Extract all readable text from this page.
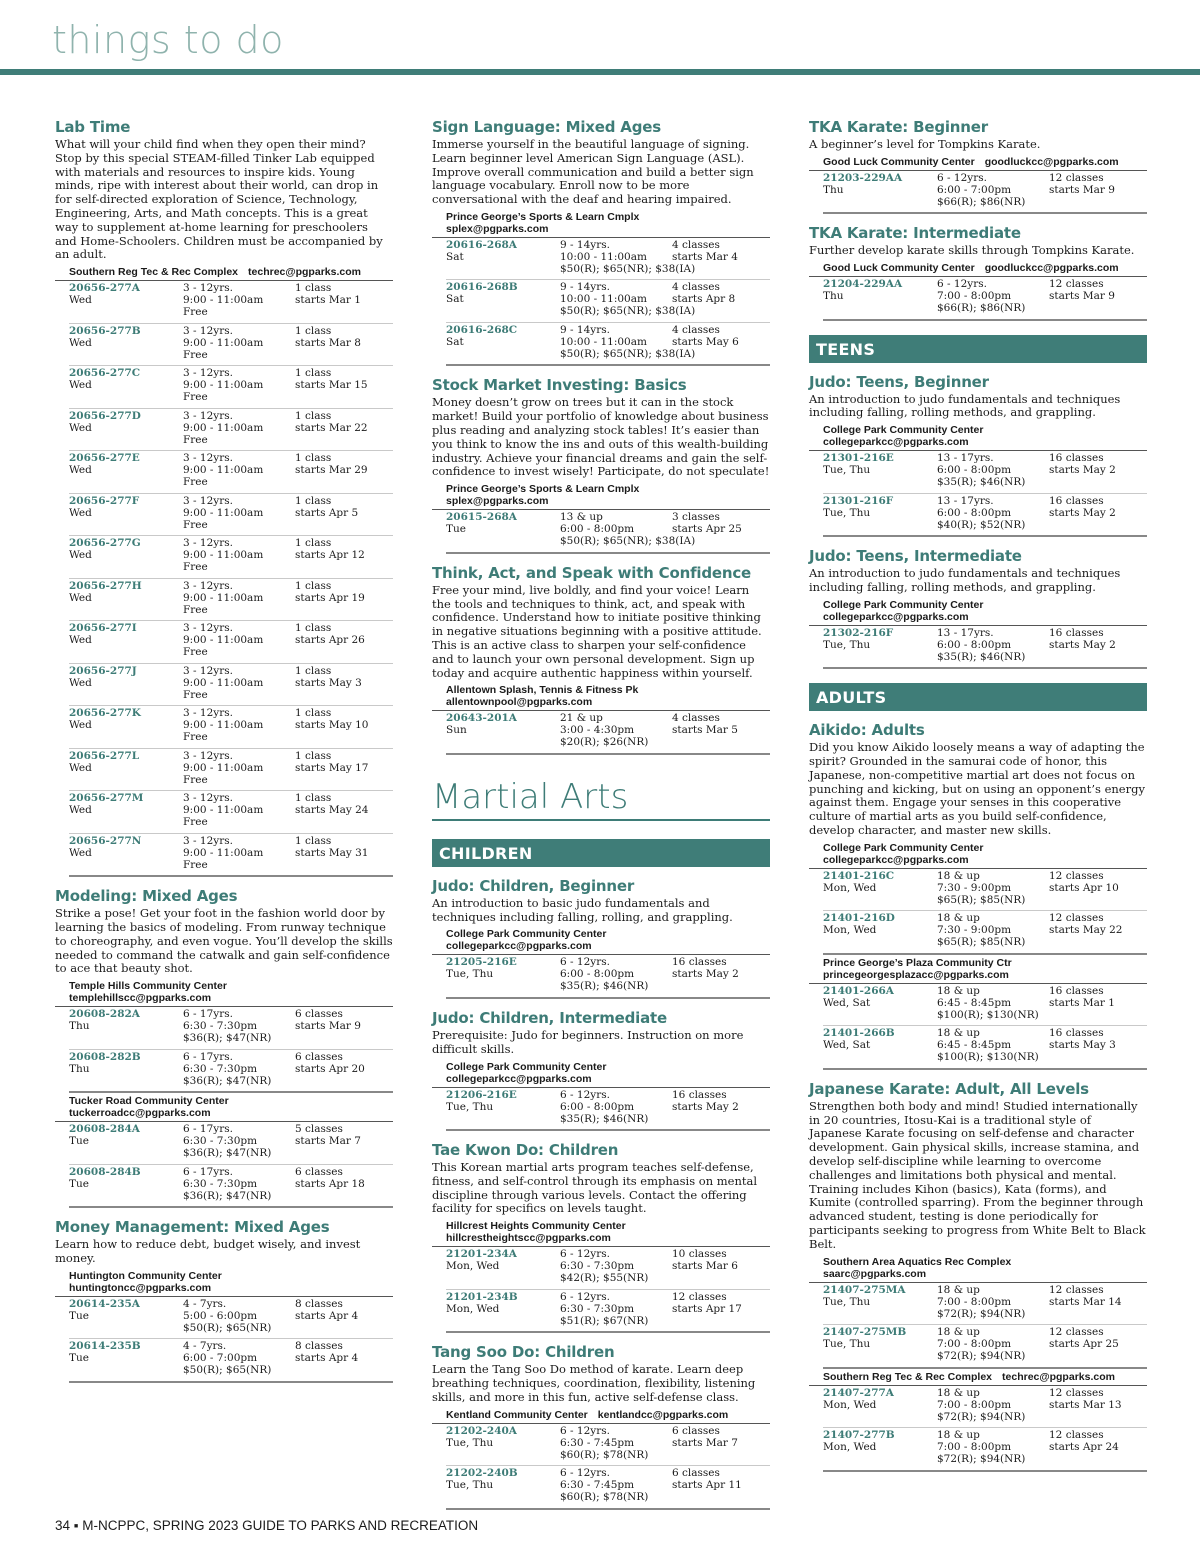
things to do
Lab Time
What will your child find when they open their mind? Stop by this special STEAM-filled Tinker Lab equipped with materials and resources to inspire kids. Young minds, ripe with interest about their world, can drop in for self-directed exploration of Science, Technology, Engineering, Arts, and Math concepts. This is a great way to supplement at-home learning for preschoolers and Home-Schoolers. Children must be accompanied by an adult.
Southern Reg Tec & Rec Complex techrec@pgparks.com
20656-277A
Wed
3 - 12yrs.
9:00 - 11:00am
Free
1 class
starts Mar 1
20656-277B
Wed
3 - 12yrs.
9:00 - 11:00am
Free
1 class
starts Mar 8
20656-277C
Wed
3 - 12yrs.
9:00 - 11:00am
Free
1 class
starts Mar 15
20656-277D
Wed
3 - 12yrs.
9:00 - 11:00am
Free
1 class
starts Mar 22
20656-277E
Wed
3 - 12yrs.
9:00 - 11:00am
Free
1 class
starts Mar 29
20656-277F
Wed
3 - 12yrs.
9:00 - 11:00am
Free
1 class
starts Apr 5
20656-277G
Wed
3 - 12yrs.
9:00 - 11:00am
Free
1 class
starts Apr 12
20656-277H
Wed
3 - 12yrs.
9:00 - 11:00am
Free
1 class
starts Apr 19
20656-277I
Wed
3 - 12yrs.
9:00 - 11:00am
Free
1 class
starts Apr 26
20656-277J
Wed
3 - 12yrs.
9:00 - 11:00am
Free
1 class
starts May 3
20656-277K
Wed
3 - 12yrs.
9:00 - 11:00am
Free
1 class
starts May 10
20656-277L
Wed
3 - 12yrs.
9:00 - 11:00am
Free
1 class
starts May 17
20656-277M
Wed
3 - 12yrs.
9:00 - 11:00am
Free
1 class
starts May 24
20656-277N
Wed
3 - 12yrs.
9:00 - 11:00am
Free
1 class
starts May 31
Modeling: Mixed Ages
Strike a pose! Get your foot in the fashion world door by learning the basics of modeling. From runway technique to choreography, and even vogue. You’ll develop the skills needed to command the catwalk and gain self-confidence to ace that beauty shot.
Temple Hills Community Center
templehillscc@pgparks.com
20608-282A
Thu
6 - 17yrs.
6:30 - 7:30pm
$36(R); $47(NR)
6 classes
starts Mar 9
20608-282B
Thu
6 - 17yrs.
6:30 - 7:30pm
$36(R); $47(NR)
6 classes
starts Apr 20
Tucker Road Community Center
tuckerroadcc@pgparks.com
20608-284A
Tue
6 - 17yrs.
6:30 - 7:30pm
$36(R); $47(NR)
5 classes
starts Mar 7
20608-284B
Tue
6 - 17yrs.
6:30 - 7:30pm
$36(R); $47(NR)
6 classes
starts Apr 18
Money Management: Mixed Ages
Learn how to reduce debt, budget wisely, and invest money.
Huntington Community Center
huntingtoncc@pgparks.com
20614-235A
Tue
4 - 7yrs.
5:00 - 6:00pm
$50(R); $65(NR)
8 classes
starts Apr 4
20614-235B
Tue
4 - 7yrs.
6:00 - 7:00pm
$50(R); $65(NR)
8 classes
starts Apr 4
Sign Language: Mixed Ages
Immerse yourself in the beautiful language of signing. Learn beginner level American Sign Language (ASL). Improve overall communication and build a better sign language vocabulary. Enroll now to be more conversational with the deaf and hearing impaired.
Prince George’s Sports & Learn Cmplx
splex@pgparks.com
20616-268A
Sat
9 - 14yrs.
10:00 - 11:00am
$50(R); $65(NR); $38(IA)
4 classes
starts Mar 4
20616-268B
Sat
9 - 14yrs.
10:00 - 11:00am
$50(R); $65(NR); $38(IA)
4 classes
starts Apr 8
20616-268C
Sat
9 - 14yrs.
10:00 - 11:00am
$50(R); $65(NR); $38(IA)
4 classes
starts May 6
Stock Market Investing: Basics
Money doesn’t grow on trees but it can in the stock market! Build your portfolio of knowledge about business plus reading and analyzing stock tables! It’s easier than you think to know the ins and outs of this wealth-building industry. Achieve your financial dreams and gain the self-confidence to invest wisely! Participate, do not speculate!
Prince George’s Sports & Learn Cmplx
splex@pgparks.com
20615-268A
Tue
13 & up
6:00 - 8:00pm
$50(R); $65(NR); $38(IA)
3 classes
starts Apr 25
Think, Act, and Speak with Confidence
Free your mind, live boldly, and find your voice! Learn the tools and techniques to think, act, and speak with confidence. Understand how to initiate positive thinking in negative situations beginning with a positive attitude. This is an active class to sharpen your self-confidence and to launch your own personal development. Sign up today and acquire authentic happiness within yourself.
Allentown Splash, Tennis & Fitness Pk
allentownpool@pgparks.com
20643-201A
Sun
21 & up
3:00 - 4:30pm
$20(R); $26(NR)
4 classes
starts Mar 5
Martial Arts
CHILDREN
Judo: Children, Beginner
An introduction to basic judo fundamentals and techniques including falling, rolling, and grappling.
College Park Community Center
collegeparkcc@pgparks.com
21205-216E
Tue, Thu
6 - 12yrs.
6:00 - 8:00pm
$35(R); $46(NR)
16 classes
starts May 2
Judo: Children, Intermediate
Prerequisite: Judo for beginners. Instruction on more difficult skills.
College Park Community Center
collegeparkcc@pgparks.com
21206-216E
Tue, Thu
6 - 12yrs.
6:00 - 8:00pm
$35(R); $46(NR)
16 classes
starts May 2
Tae Kwon Do: Children
This Korean martial arts program teaches self-defense, fitness, and self-control through its emphasis on mental discipline through various levels. Contact the offering facility for specifics on levels taught.
Hillcrest Heights Community Center
hillcrestheightscc@pgparks.com
21201-234A
Mon, Wed
6 - 12yrs.
6:30 - 7:30pm
$42(R); $55(NR)
10 classes
starts Mar 6
21201-234B
Mon, Wed
6 - 12yrs.
6:30 - 7:30pm
$51(R); $67(NR)
12 classes
starts Apr 17
Tang Soo Do: Children
Learn the Tang Soo Do method of karate. Learn deep breathing techniques, coordination, flexibility, listening skills, and more in this fun, active self-defense class.
Kentland Community Center kentlandcc@pgparks.com
21202-240A
Tue, Thu
6 - 12yrs.
6:30 - 7:45pm
$60(R); $78(NR)
6 classes
starts Mar 7
21202-240B
Tue, Thu
6 - 12yrs.
6:30 - 7:45pm
$60(R); $78(NR)
6 classes
starts Apr 11
TKA Karate: Beginner
A beginner’s level for Tompkins Karate.
Good Luck Community Center goodluckcc@pgparks.com
21203-229AA
Thu
6 - 12yrs.
6:00 - 7:00pm
$66(R); $86(NR)
12 classes
starts Mar 9
TKA Karate: Intermediate
Further develop karate skills through Tompkins Karate.
Good Luck Community Center goodluckcc@pgparks.com
21204-229AA
Thu
6 - 12yrs.
7:00 - 8:00pm
$66(R); $86(NR)
12 classes
starts Mar 9
TEENS
Judo: Teens, Beginner
An introduction to judo fundamentals and techniques including falling, rolling methods, and grappling.
College Park Community Center
collegeparkcc@pgparks.com
21301-216E
Tue, Thu
13 - 17yrs.
6:00 - 8:00pm
$35(R); $46(NR)
16 classes
starts May 2
21301-216F
Tue, Thu
13 - 17yrs.
6:00 - 8:00pm
$40(R); $52(NR)
16 classes
starts May 2
Judo: Teens, Intermediate
An introduction to judo fundamentals and techniques including falling, rolling methods, and grappling.
College Park Community Center
collegeparkcc@pgparks.com
21302-216F
Tue, Thu
13 - 17yrs.
6:00 - 8:00pm
$35(R); $46(NR)
16 classes
starts May 2
ADULTS
Aikido: Adults
Did you know Aikido loosely means a way of adapting the spirit? Grounded in the samurai code of honor, this Japanese, non-competitive martial art does not focus on punching and kicking, but on using an opponent’s energy against them. Engage your senses in this cooperative culture of martial arts as you build self-confidence, develop character, and master new skills.
College Park Community Center
collegeparkcc@pgparks.com
21401-216C
Mon, Wed
18 & up
7:30 - 9:00pm
$65(R); $85(NR)
12 classes
starts Apr 10
21401-216D
Mon, Wed
18 & up
7:30 - 9:00pm
$65(R); $85(NR)
12 classes
starts May 22
Prince George’s Plaza Community Ctr
princegeorgesplazacc@pgparks.com
21401-266A
Wed, Sat
18 & up
6:45 - 8:45pm
$100(R); $130(NR)
16 classes
starts Mar 1
21401-266B
Wed, Sat
18 & up
6:45 - 8:45pm
$100(R); $130(NR)
16 classes
starts May 3
Japanese Karate: Adult, All Levels
Strengthen both body and mind! Studied internationally in 20 countries, Itosu-Kai is a traditional style of Japanese Karate focusing on self-defense and character development. Gain physical skills, increase stamina, and develop self-discipline while learning to overcome challenges and limitations both physical and mental. Training includes Kihon (basics), Kata (forms), and Kumite (controlled sparring). From the beginner through advanced student, testing is done periodically for participants seeking to progress from White Belt to Black Belt.
Southern Area Aquatics Rec Complex
saarc@pgparks.com
21407-275MA
Tue, Thu
18 & up
7:00 - 8:00pm
$72(R); $94(NR)
12 classes
starts Mar 14
21407-275MB
Tue, Thu
18 & up
7:00 - 8:00pm
$72(R); $94(NR)
12 classes
starts Apr 25
Southern Reg Tec & Rec Complex techrec@pgparks.com
21407-277A
Mon, Wed
18 & up
7:00 - 8:00pm
$72(R); $94(NR)
12 classes
starts Mar 13
21407-277B
Mon, Wed
18 & up
7:00 - 8:00pm
$72(R); $94(NR)
12 classes
starts Apr 24
34 ▪ M-NCPPC, SPRING 2023 GUIDE TO PARKS AND RECREATION
